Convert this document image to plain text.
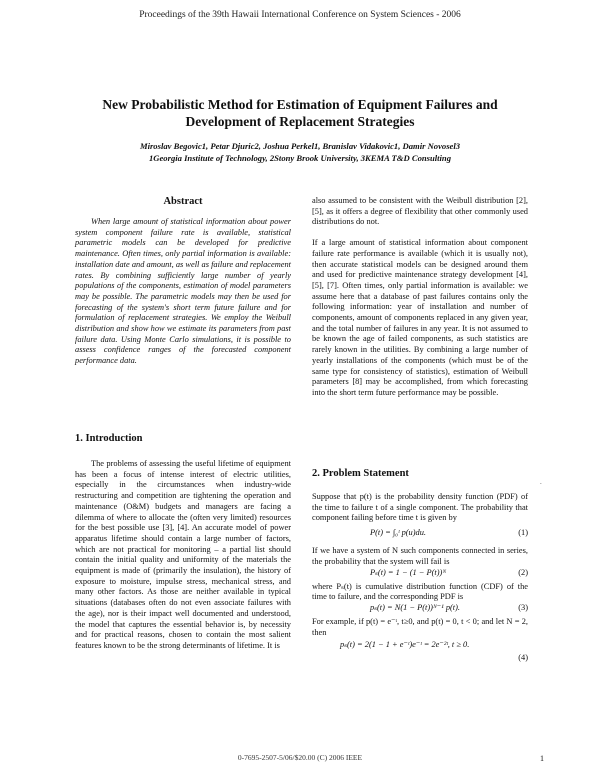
Proceedings of the 39th Hawaii International Conference on System Sciences - 2006
New Probabilistic Method for Estimation of Equipment Failures and
Development of Replacement Strategies
Miroslav Begovic1, Petar Djuric2, Joshua Perkel1, Branislav Vidakovic1, Damir Novosel3
1Georgia Institute of Technology, 2Stony Brook University, 3KEMA T&D Consulting
Abstract
When large amount of statistical information about power system component failure rate is available, statistical parametric models can be developed for predictive maintenance. Often times, only partial information is available: installation date and amount, as well as failure and replacement rates. By combining sufficiently large number of yearly populations of the components, estimation of model parameters may be possible. The parametric models may then be used for forecasting of the system's short term future failure and for formulation of replacement strategies. We employ the Weibull distribution and show how we estimate its parameters from past failure data. Using Monte Carlo simulations, it is possible to assess confidence ranges of the forecasted component performance data.
1. Introduction

The problems of assessing the useful lifetime of equipment has been a focus of intense interest of electric utilities, especially in the circumstances when industry-wide restructuring and competition are tightening the operation and maintenance (O&M) budgets and managers are facing a dilemma of where to allocate the (often very limited) resources for the best possible use [3], [4]. An accurate model of power apparatus lifetime should contain a large number of factors, which are not practical for monitoring – a partial list should contain the initial quality and uniformity of the materials the equipment is made of (primarily the insulation), the history of exposure to moisture, impulse stress, mechanical stress, and many other factors. As those are neither available in typical situations (databases often do not even associate failures with the age), nor is their impact well documented and understood, the model that captures the essential behavior is, by necessity and for practical reasons, chosen to contain the most salient features known to be the strong determinants of lifetime. It is

also assumed to be consistent with the Weibull distribution [2], [5], as it offers a degree of flexibility that other commonly used distributions do not.

If a large amount of statistical information about component failure rate performance is available (which it is usually not), then accurate statistical models can be designed around them and used for predictive maintenance strategy development [4], [5], [7]. Often times, only partial information is available: we assume here that a database of past failures contains only the following information: year of installation and number of components, amount of components replaced in any given year, and the total number of failures in any year. It is not assumed to be known the age of failed components, as such statistics are rarely known in the utilities. By combining a large number of yearly installations of the components (which must be of the same type for consistency of statistics), estimation of Weibull parameters [8] may be accomplished, from which forecasting into the short term future performance may be possible.

2. Problem Statement

Suppose that p(t) is the probability density function (PDF) of the time to failure t of a single component. The probability that component failing before time t is given by

P(t) = ∫₀ᵗ p(u)du.	(1)

If we have a system of N such components connected in series, the probability that the system will fail is

Pₛ(t) = 1 − (1 − P(t))ᴺ	(2)

where Pₛ(t) is cumulative distribution function (CDF) of the time to failure, and the corresponding PDF is

pₛ(t) = N(1 − P(t))ᴺ⁻¹ p(t).	(3)

For example, if p(t) = e⁻ᵗ, t≥0, and p(t) = 0, t < 0; and let N = 2, then

pₛ(t) = 2(1 − 1 + e⁻ᵗ)e⁻ᵗ = 2e⁻²ᵗ, t ≥ 0.
(4)
.
0-7695-2507-5/06/$20.00 (C) 2006 IEEE	1
